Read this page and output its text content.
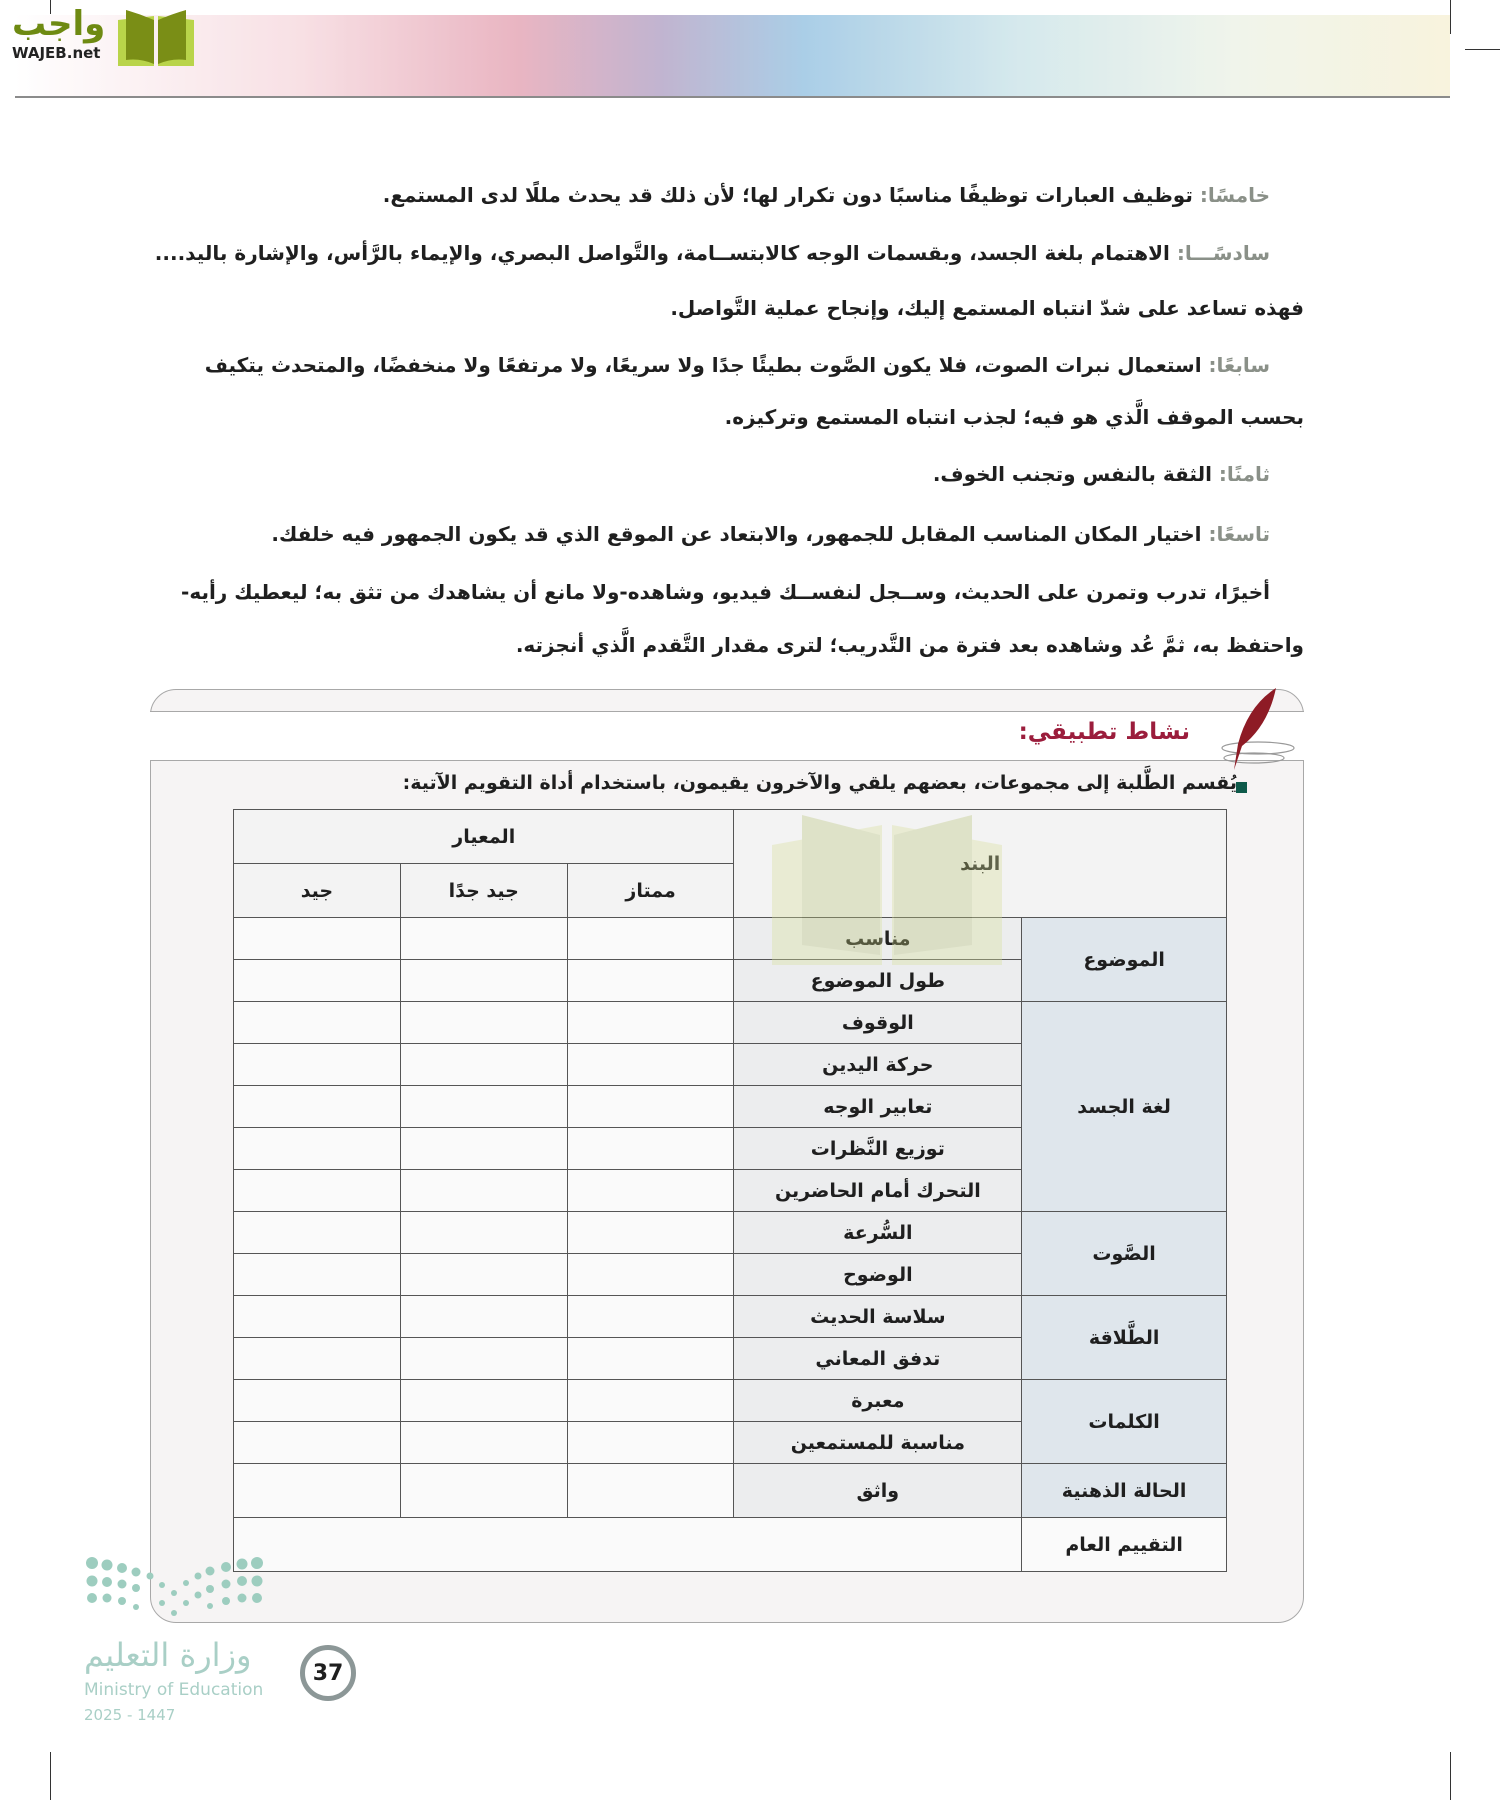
واجب
WAJEB.net
خامسًا: توظيف العبارات توظيفًا مناسبًا دون تكرار لها؛ لأن ذلك قد يحدث مللًا لدى المستمع.
سادسًـــا: الاهتمام بلغة الجسد، وبقسمات الوجه كالابتســامة، والتَّواصل البصري، والإيماء بالرَّأس، والإشارة باليد....
فهذه تساعد على شدّ انتباه المستمع إليك، وإنجاح عملية التَّواصل.
سابعًا: استعمال نبرات الصوت، فلا يكون الصَّوت بطيئًا جدًا ولا سريعًا، ولا مرتفعًا ولا منخفضًا، والمتحدث يتكيف
بحسب الموقف الَّذي هو فيه؛ لجذب انتباه المستمع وتركيزه.
ثامنًا: الثقة بالنفس وتجنب الخوف.
تاسعًا: اختيار المكان المناسب المقابل للجمهور، والابتعاد عن الموقع الذي قد يكون الجمهور فيه خلفك.
أخيرًا، تدرب وتمرن على الحديث، وســجل لنفســك فيديو، وشاهده-ولا مانع أن يشاهدك من تثق به؛ ليعطيك رأيه-
واحتفظ به، ثمَّ عُد وشاهده بعد فترة من التَّدريب؛ لترى مقدار التَّقدم الَّذي أنجزته.
نشاط تطبيقي:
يُقسم الطَّلبة إلى مجموعات، بعضهم يلقي والآخرون يقيمون، باستخدام أداة التقويم الآتية:
البند		المعيار		
		ممتاز	جيد جدًا	جيد
الموضوع	مناسب			
	طول الموضوع			
لغة الجسد	الوقوف			
	حركة اليدين			
	تعابير الوجه			
	توزيع النَّظرات			
	التحرك أمام الحاضرين			
الصَّوت	السُّرعة			
	الوضوح			
الطَّلاقة	سلاسة الحديث			
	تدفق المعاني			
الكلمات	معبرة			
	مناسبة للمستمعين			
الحالة الذهنية	واثق			
التقييم العام				
وزارة التعليم
Ministry of Education
2025 - 1447
37
